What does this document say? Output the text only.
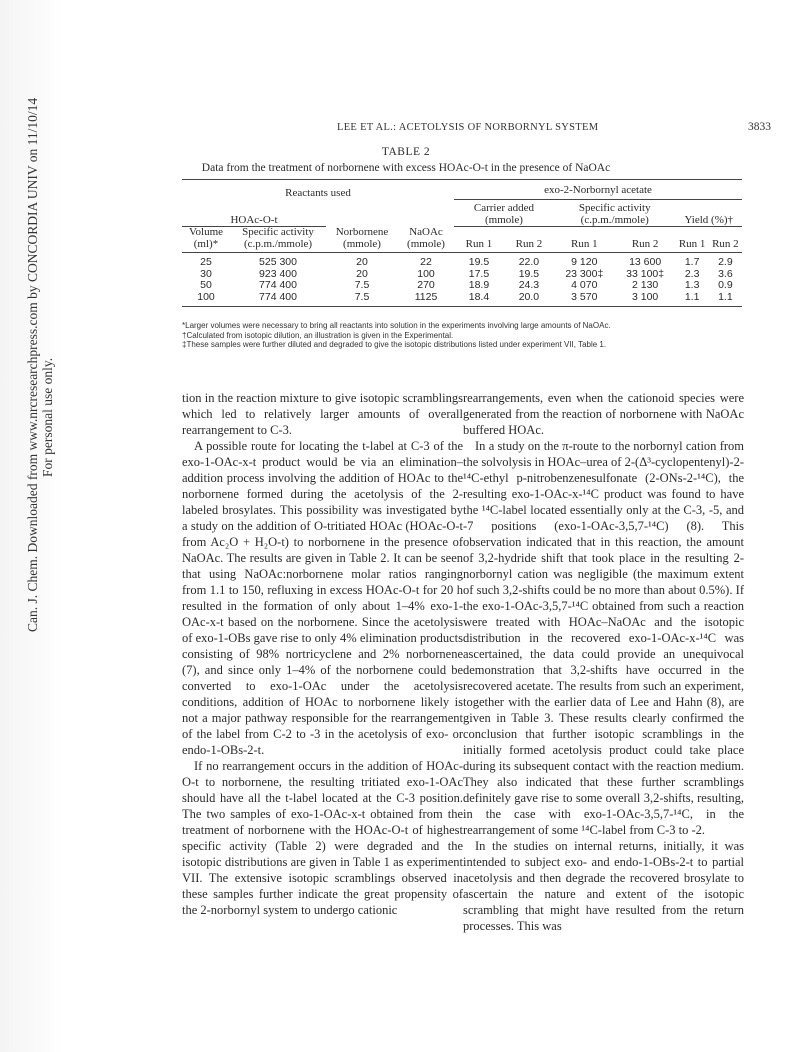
Can. J. Chem. Downloaded from www.nrcresearchpress.com by CONCORDIA UNIV on 11/10/14 For personal use only.
LEE ET AL.: ACETOLYSIS OF NORBORNYL SYSTEM	3833
TABLE 2
Data from the treatment of norbornene with excess HOAc-O-t in the presence of NaOAc
Reactants used				exo-2-Norbornyl acetate					
HOAc-O-t				Carrier added (mmole)		Specific activity (c.p.m./mmole)		Yield (%)†	
Volume (ml)*	Specific activity (c.p.m./mmole)	Norbornene (mmole)	NaOAc (mmole)	Run 1	Run 2	Run 1	Run 2	Run 1	Run 2
25	525 300	20	22	19.5	22.0	9 120	13 600	1.7	2.9
30	923 400	20	100	17.5	19.5	23 300‡	33 100‡	2.3	3.6
50	774 400	7.5	270	18.9	24.3	4 070	2 130	1.3	0.9
100	774 400	7.5	1125	18.4	20.0	3 570	3 100	1.1	1.1
*Larger volumes were necessary to bring all reactants into solution in the experiments involving large amounts of NaOAc.
†Calculated from isotopic dilution, an illustration is given in the Experimental.
‡These samples were further diluted and degraded to give the isotopic distributions listed under experiment VII, Table 1.

tion in the reaction mixture to give isotopic scramblings which led to relatively larger amounts of overall rearrangement to C-3.

A possible route for locating the t-label at C-3 of the exo-1-OAc-x-t product would be via an elimination–addition process involving the addition of HOAc to the norbornene formed during the acetolysis of the 2-labeled brosylates. This possibility was investigated by a study on the addition of O-tritiated HOAc (HOAc-O-t from Ac₂O + H₂O-t) to norbornene in the presence of NaOAc. The results are given in Table 2. It can be seen that using NaOAc:norbornene molar ratios ranging from 1.1 to 150, refluxing in excess HOAc-O-t for 20 h resulted in the formation of only about 1–4% exo-1-OAc-x-t based on the norbornene. Since the acetolysis of exo-1-OBs gave rise to only 4% elimination products consisting of 98% nortricyclene and 2% norbornene (7), and since only 1–4% of the norbornene could be converted to exo-1-OAc under the acetolysis conditions, addition of HOAc to norbornene likely is not a major pathway responsible for the rearrangement of the label from C-2 to -3 in the acetolysis of exo- or endo-1-OBs-2-t.

If no rearrangement occurs in the addition of HOAc-O-t to norbornene, the resulting tritiated exo-1-OAc should have all the t-label located at the C-3 position. The two samples of exo-1-OAc-x-t obtained from the treatment of norbornene with the HOAc-O-t of highest specific activity (Table 2) were degraded and the isotopic distributions are given in Table 1 as experiment VII. The extensive isotopic scramblings observed in these samples further indicate the great propensity of the 2-norbornyl system to undergo cationic

rearrangements, even when the cationoid species were generated from the reaction of norbornene with NaOAc buffered HOAc.

In a study on the π-route to the norbornyl cation from the solvolysis in HOAc–urea of 2-(Δ³-cyclopentenyl)-2-¹⁴C-ethyl p-nitrobenzenesulfonate (2-ONs-2-¹⁴C), the resulting exo-1-OAc-x-¹⁴C product was found to have the ¹⁴C-label located essentially only at the C-3, -5, and -7 positions (exo-1-OAc-3,5,7-¹⁴C) (8). This observation indicated that in this reaction, the amount of 3,2-hydride shift that took place in the resulting 2-norbornyl cation was negligible (the maximum extent of such 3,2-shifts could be no more than about 0.5%). If the exo-1-OAc-3,5,7-¹⁴C obtained from such a reaction were treated with HOAc–NaOAc and the isotopic distribution in the recovered exo-1-OAc-x-¹⁴C was ascertained, the data could provide an unequivocal demonstration that 3,2-shifts have occurred in the recovered acetate. The results from such an experiment, together with the earlier data of Lee and Hahn (8), are given in Table 3. These results clearly confirmed the conclusion that further isotopic scramblings in the initially formed acetolysis product could take place during its subsequent contact with the reaction medium. They also indicated that these further scramblings definitely gave rise to some overall 3,2-shifts, resulting, in the case with exo-1-OAc-3,5,7-¹⁴C, in the rearrangement of some ¹⁴C-label from C-3 to -2.

In the studies on internal returns, initially, it was intended to subject exo- and endo-1-OBs-2-t to partial acetolysis and then degrade the recovered brosylate to ascertain the nature and extent of the isotopic scrambling that might have resulted from the return processes. This was
